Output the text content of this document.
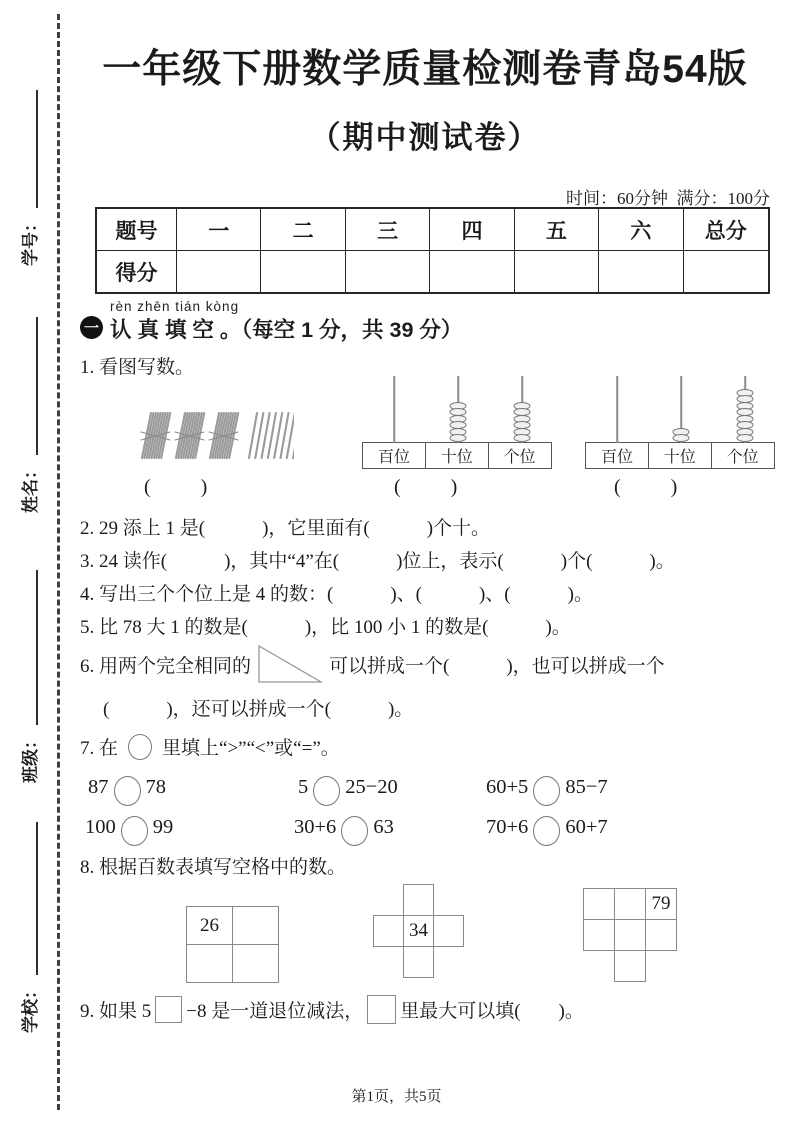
学号：
姓名：
班级：
学校：
一年级下册数学质量检测卷青岛54版
（期中测试卷）
时间：60分钟  满分：100分
题号	一	二	三	四	五	六	总分
得分
一
rèn zhēn tián kòng
认 真 填 空 。（每空 1 分，共 39 分）
1. 看图写数。
(          )
百位	十位	个位
(          )
百位	十位	个位
(          )
2. 29 添上 1 是(            )，它里面有(            )个十。
3. 24 读作(            )，其中“4”在(            )位上，表示(            )个(            )。
4. 写出三个个位上是 4 的数：(            )、(            )、(            )。
5. 比 78 大 1 的数是(            )，比 100 小 1 的数是(            )。
6. 用两个完全相同的	可以拼成一个(            )，也可以拼成一个
(            )，还可以拼成一个(            )。
7. 在 里填上“>”“<”或“=”。
87 78	5 25−20	60+5 85−7
100 99	30+6 63	70+6 60+7
8. 根据百数表填写空格中的数。
26	34
79
9. 如果 5 −8 是一道退位减法， 里最大可以填(        )。
第1页，共5页
